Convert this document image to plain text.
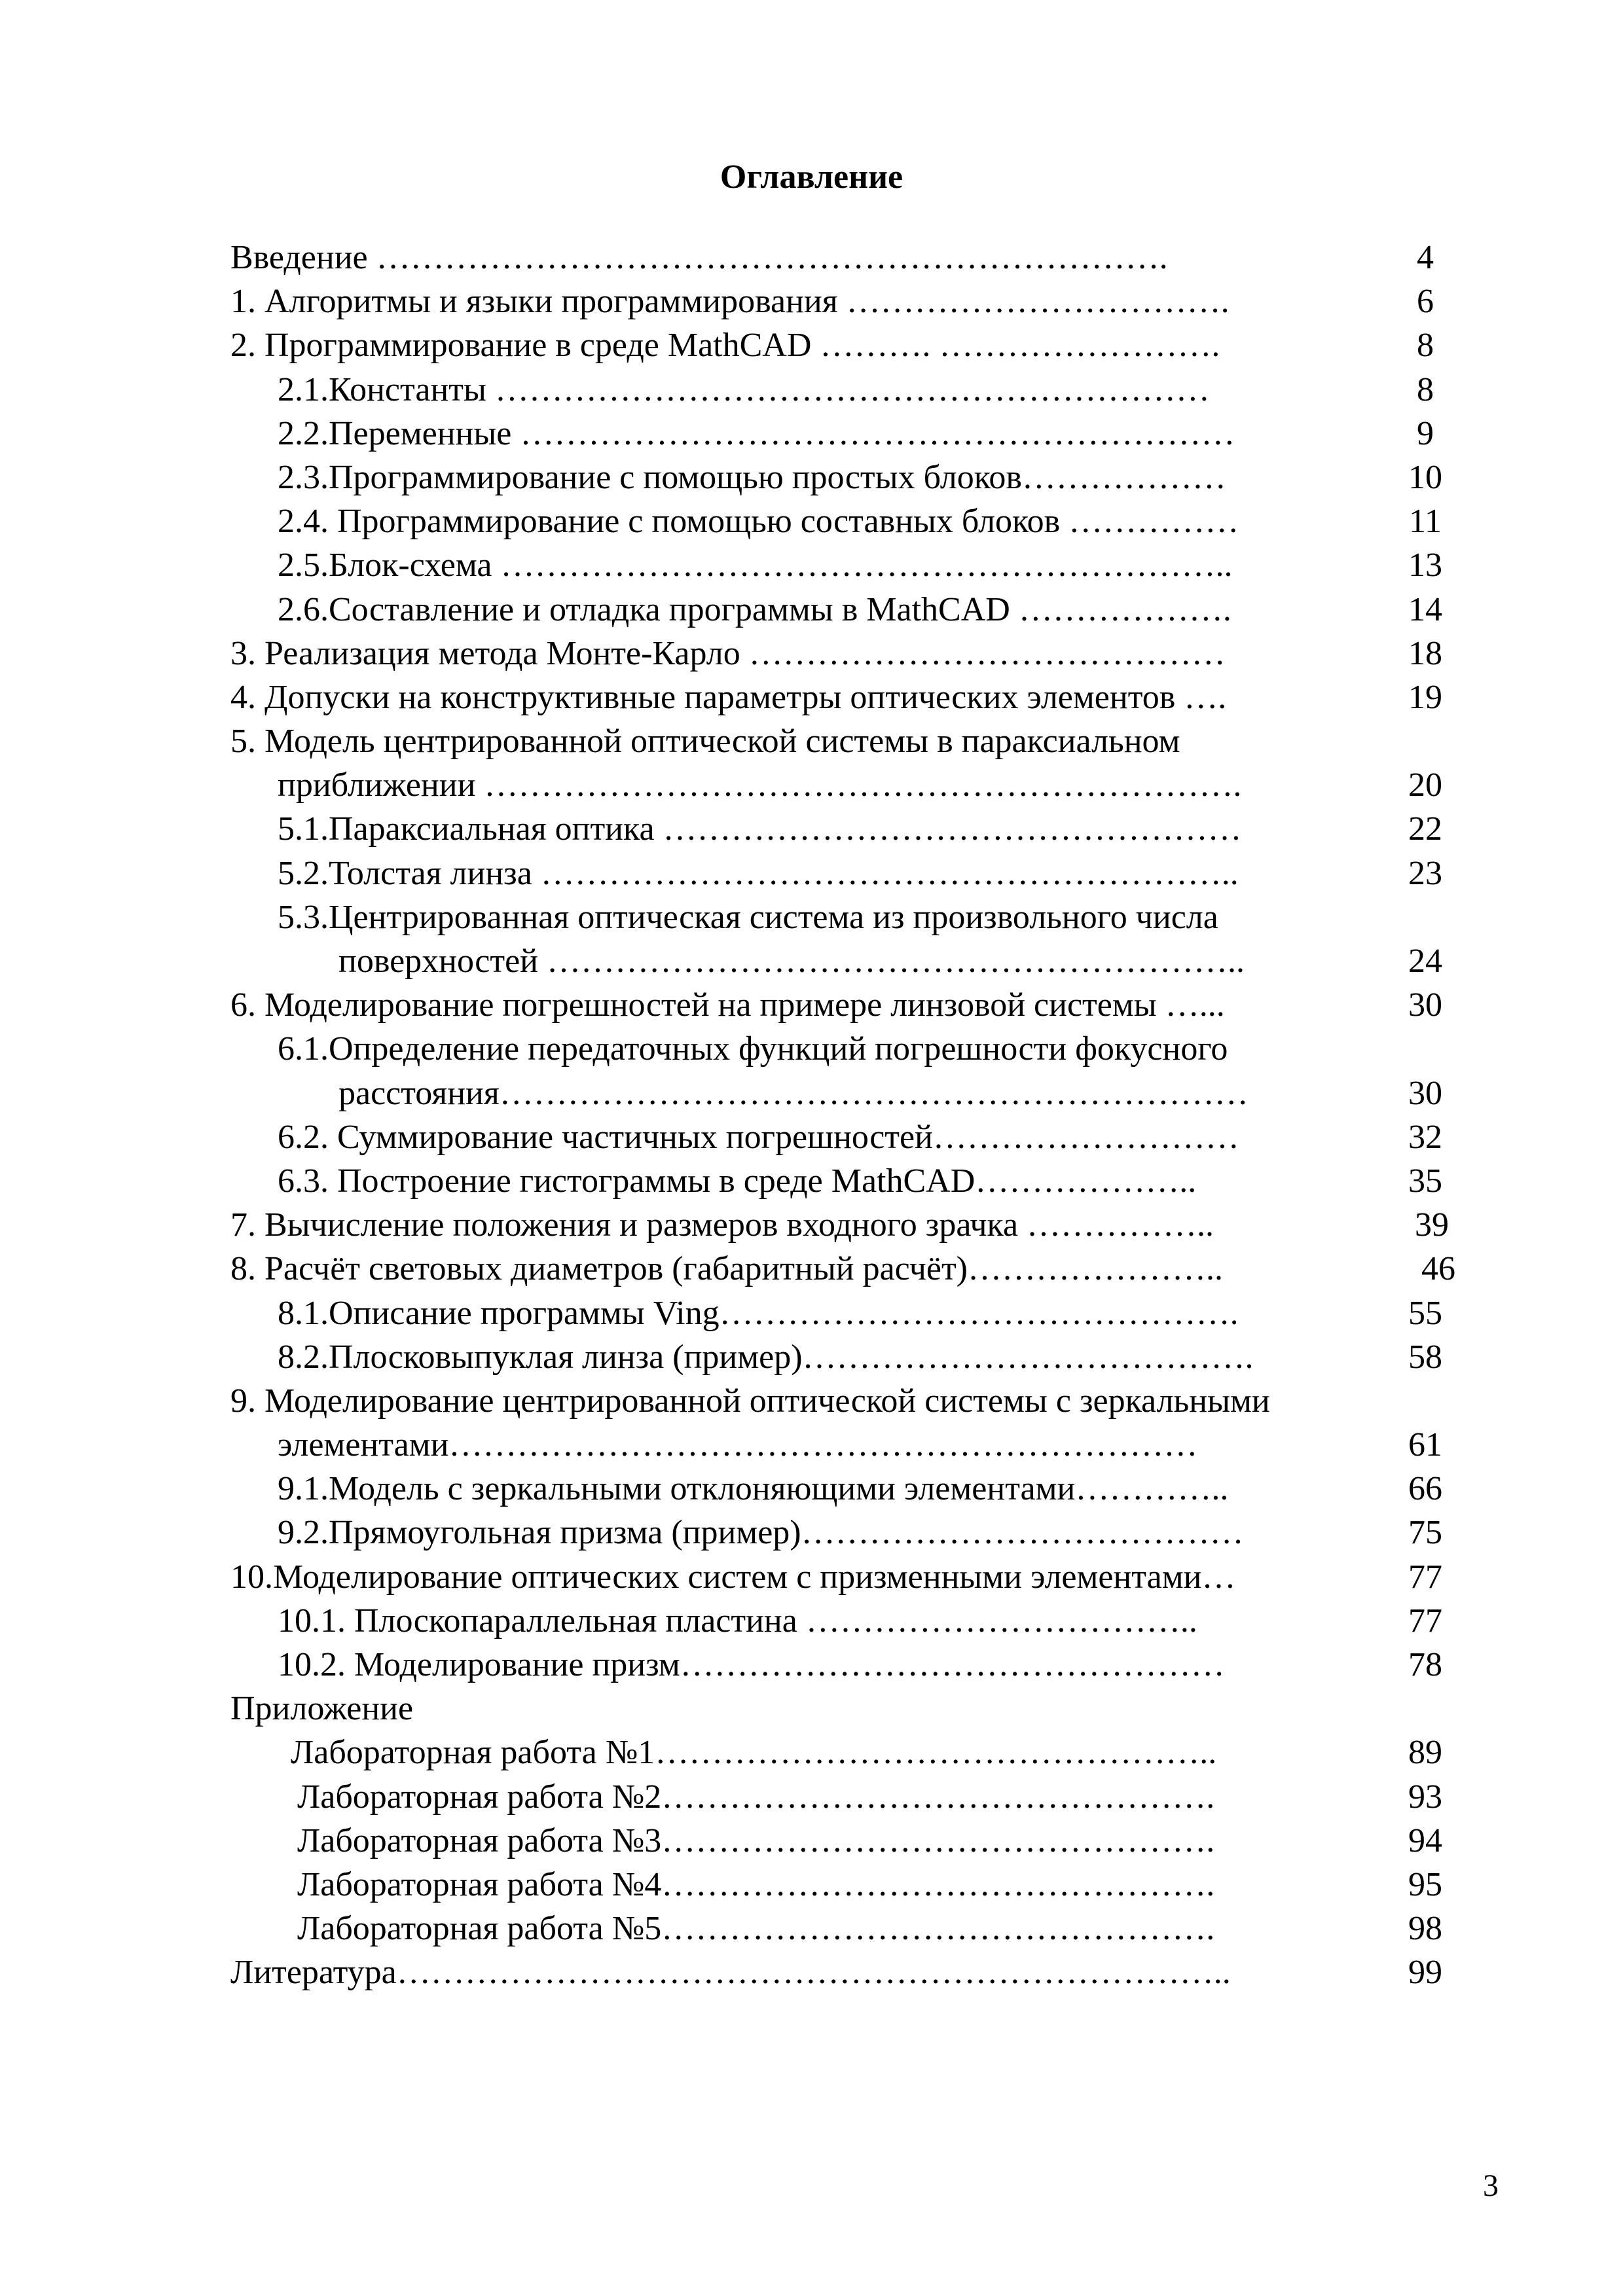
Оглавление
Введение …………………………………………………………….	4
1. Алгоритмы и языки программирования …………………………….	6
2. Программирование в среде MathCAD ………. …………………….	8
2.1.Константы ………………………………………………………	8
2.2.Переменные ………………………………………………………	9
2.3.Программирование с помощью простых блоков………………	10
2.4. Программирование с помощью составных блоков ……………	11
2.5.Блок-схема ………………………………………………………..	13
2.6.Составление и отладка программы в MathCAD ……………….	14
3. Реализация метода Монте-Карло ……………………………………	18
4. Допуски на конструктивные параметры оптических элементов ….	19
5. Модель центрированной оптической системы в параксиальном
приближении ………………………………………………………….	20
5.1.Параксиальная оптика ……………………………………………	22
5.2.Толстая линза ……………………………………………………..	23
5.3.Центрированная оптическая система из произвольного числа
поверхностей ……………………………………………………..	24
6. Моделирование погрешностей на примере линзовой системы …...	30
6.1.Определение передаточных функций погрешности фокусного
расстояния…………………………………………………………	30
6.2. Суммирование частичных погрешностей………………………	32
6.3. Построение гистограммы в среде MathCAD………………..	35
7. Вычисление положения и размеров входного зрачка ……………..	39
8. Расчёт световых диаметров (габаритный расчёт)…………………..	46
8.1.Описание программы Ving……………………………………….	55
8.2.Плосковыпуклая линза (пример)………………………………….	58
9. Моделирование центрированной оптической системы с зеркальными
элементами…………………………………………………………	61
9.1.Модель с зеркальными отклоняющими элементами…………..	66
9.2.Прямоугольная призма (пример)…………………………………	75
10.Моделирование оптических систем с призменными элементами…	77
10.1. Плоскопараллельная пластина ……………………………..	77
10.2. Моделирование призм…………………………………………	78
Приложение
Лабораторная работа №1…………………………………………..	89
Лабораторная работа №2………………………………………….	93
Лабораторная работа №3………………………………………….	94
Лабораторная работа №4………………………………………….	95
Лабораторная работа №5………………………………………….	98
Литература………………………………………………………………..	99
3
